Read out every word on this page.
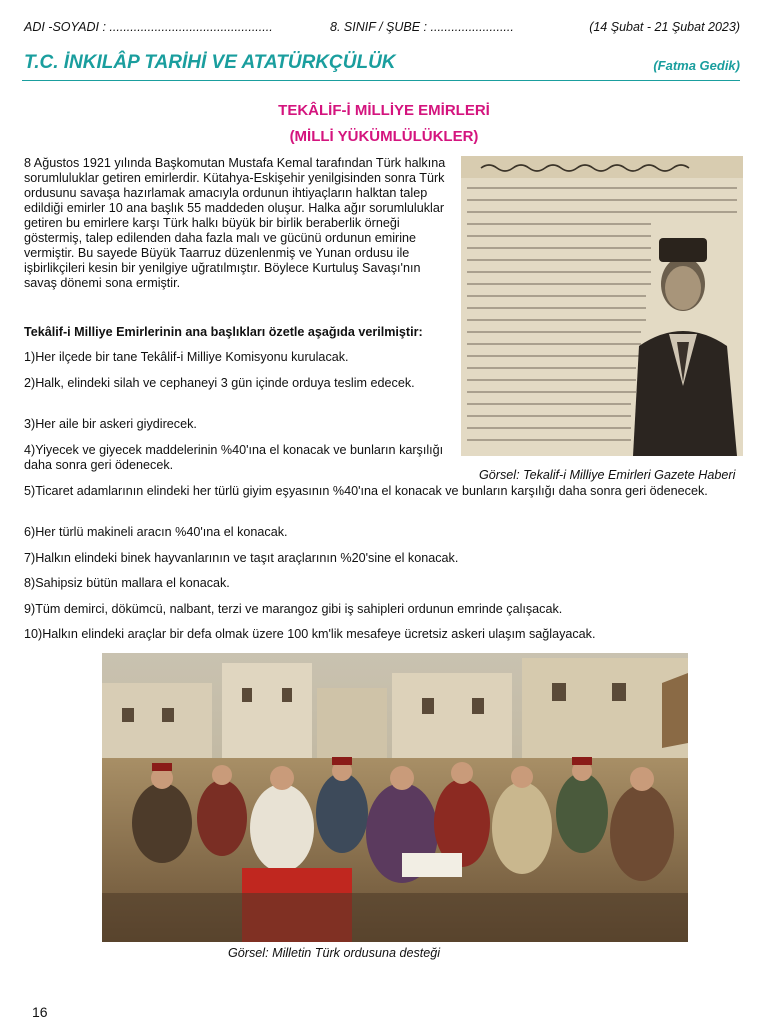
ADI -SOYADI : ...............................................	8. SINIF / ŞUBE : ........................	(14 Şubat - 21 Şubat 2023)
T.C. İNKILÂP TARİHİ VE ATATÜRKÇÜLÜK	(Fatma Gedik)
TEKÂLİF-İ MİLLİYE EMİRLERİ
(MİLLİ YÜKÜMLÜLÜKLER)
8 Ağustos 1921 yılında Başkomutan Mustafa Kemal tarafından Türk halkına sorumluluklar getiren emirlerdir. Kütahya-Eskişehir yenilgisinden sonra Türk ordusunu savaşa hazırlamak amacıyla ordunun ihtiyaçların halktan talep edildiği emirler 10 ana başlık 55 maddeden oluşur. Halka ağır sorumluluklar getiren bu emirlere karşı Türk halkı büyük bir birlik beraberlik örneği göstermiş, talep edilenden daha fazla malı ve gücünü ordunun emirine vermiştir. Bu sayede Büyük Taarruz düzenlenmiş ve Yunan ordusu ile işbirlikçileri kesin bir yenilgiye uğratılmıştır. Böylece Kurtuluş Savaşı'nın savaş dönemi sona ermiştir.
Görsel: Tekalif-i Milliye Emirleri Gazete Haberi
Tekâlif-i Milliye Emirlerinin ana başlıkları özetle aşağıda verilmiştir:
1)Her ilçede bir tane Tekâlif-i Milliye Komisyonu kurulacak.
2)Halk, elindeki silah ve cephaneyi 3 gün içinde orduya teslim edecek.
3)Her aile bir askeri giydirecek.
4)Yiyecek ve giyecek maddelerinin %40'ına el konacak ve bunların karşılığı daha sonra geri ödenecek.
5)Ticaret adamlarının elindeki her türlü giyim eşyasının %40'ına el konacak ve bunların karşılığı daha sonra geri ödenecek.
6)Her türlü makineli aracın %40'ına el konacak.
7)Halkın elindeki binek hayvanlarının ve taşıt araçlarının %20'sine el konacak.
8)Sahipsiz bütün mallara el konacak.
9)Tüm demirci, dökümcü, nalbant, terzi ve marangoz gibi iş sahipleri ordunun emrinde çalışacak.
10)Halkın elindeki araçlar bir defa olmak üzere 100 km'lik mesafeye ücretsiz askeri ulaşım sağlayacak.
Görsel: Milletin Türk ordusuna desteği
16
